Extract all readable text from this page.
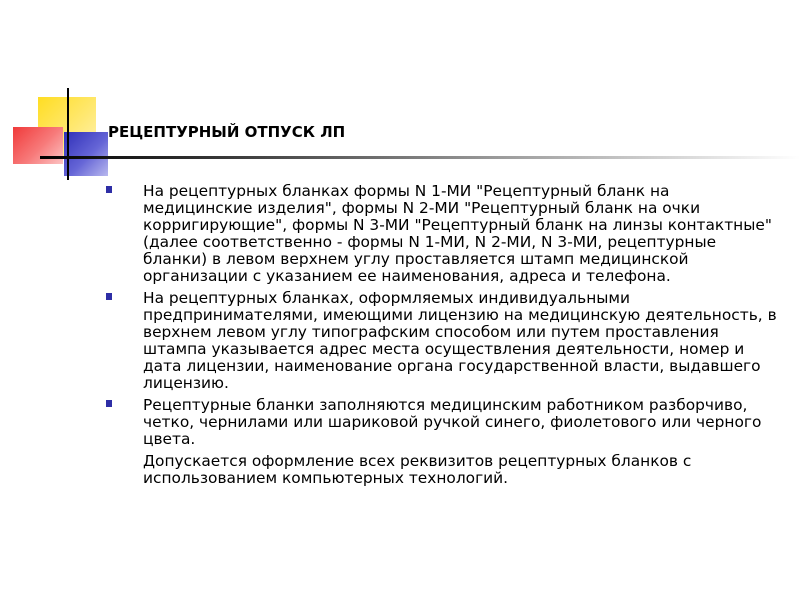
РЕЦЕПТУРНЫЙ ОТПУСК ЛП
На рецептурных бланках формы N 1-МИ "Рецептурный бланк на медицинские изделия", формы N 2-МИ "Рецептурный бланк на очки корригирующие", формы N 3-МИ "Рецептурный бланк на линзы контактные" (далее соответственно - формы N 1-МИ, N 2-МИ, N 3-МИ, рецептурные бланки) в левом верхнем углу проставляется штамп медицинской организации с указанием ее наименования, адреса и телефона.
На рецептурных бланках, оформляемых индивидуальными предпринимателями, имеющими лицензию на медицинскую деятельность, в верхнем левом углу типографским способом или путем проставления штампа указывается адрес места осуществления деятельности, номер и дата лицензии, наименование органа государственной власти, выдавшего лицензию.
Рецептурные бланки заполняются медицинским работником разборчиво, четко, чернилами или шариковой ручкой синего, фиолетового или черного цвета.
Допускается оформление всех реквизитов рецептурных бланков с использованием компьютерных технологий.
